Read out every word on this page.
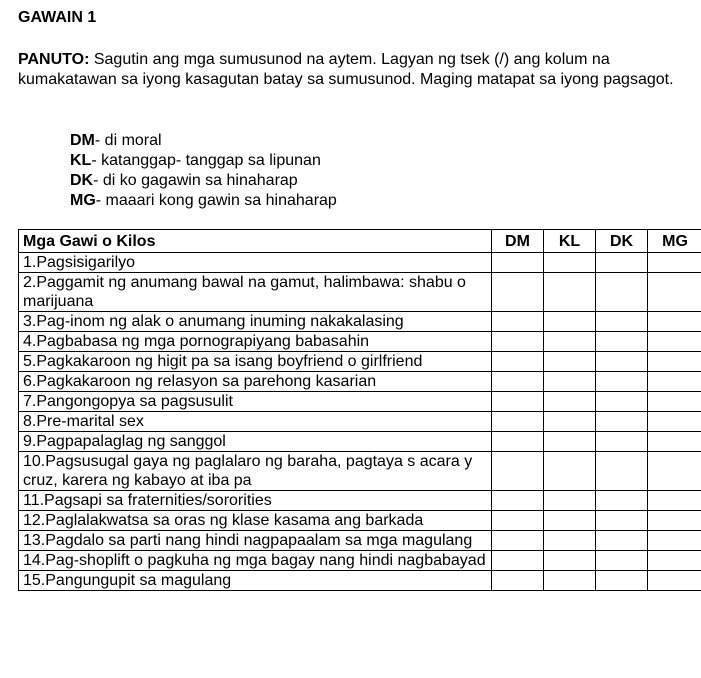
GAWAIN 1
PANUTO: Sagutin ang mga sumusunod na aytem. Lagyan ng tsek (/) ang kolum na kumakatawan sa iyong kasagutan batay sa sumusunod. Maging matapat sa iyong pagsagot.
DM- di moral
KL- katanggap- tanggap sa lipunan
DK- di ko gagawin sa hinaharap
MG- maaari kong gawin sa hinaharap
Mga Gawi o Kilos	DM	KL	DK	MG
1.Pagsisigarilyo				
2.Paggamit ng anumang bawal na gamut, halimbawa: shabu o marijuana				
3.Pag-inom ng alak o anumang inuming nakakalasing				
4.Pagbabasa ng mga pornograpiyang babasahin				
5.Pagkakaroon ng higit pa sa isang boyfriend o girlfriend				
6.Pagkakaroon ng relasyon sa parehong kasarian				
7.Pangongopya sa pagsusulit				
8.Pre-marital sex				
9.Pagpapalaglag ng sanggol				
10.Pagsusugal gaya ng paglalaro ng baraha, pagtaya s acara y cruz, karera ng kabayo at iba pa				
11.Pagsapi sa fraternities/sororities				
12.Paglalakwatsa sa oras ng klase kasama ang barkada				
13.Pagdalo sa parti nang hindi nagpapaalam sa mga magulang				
14.Pag-shoplift o pagkuha ng mga bagay nang hindi nagbabayad				
15.Pangungupit sa magulang				
